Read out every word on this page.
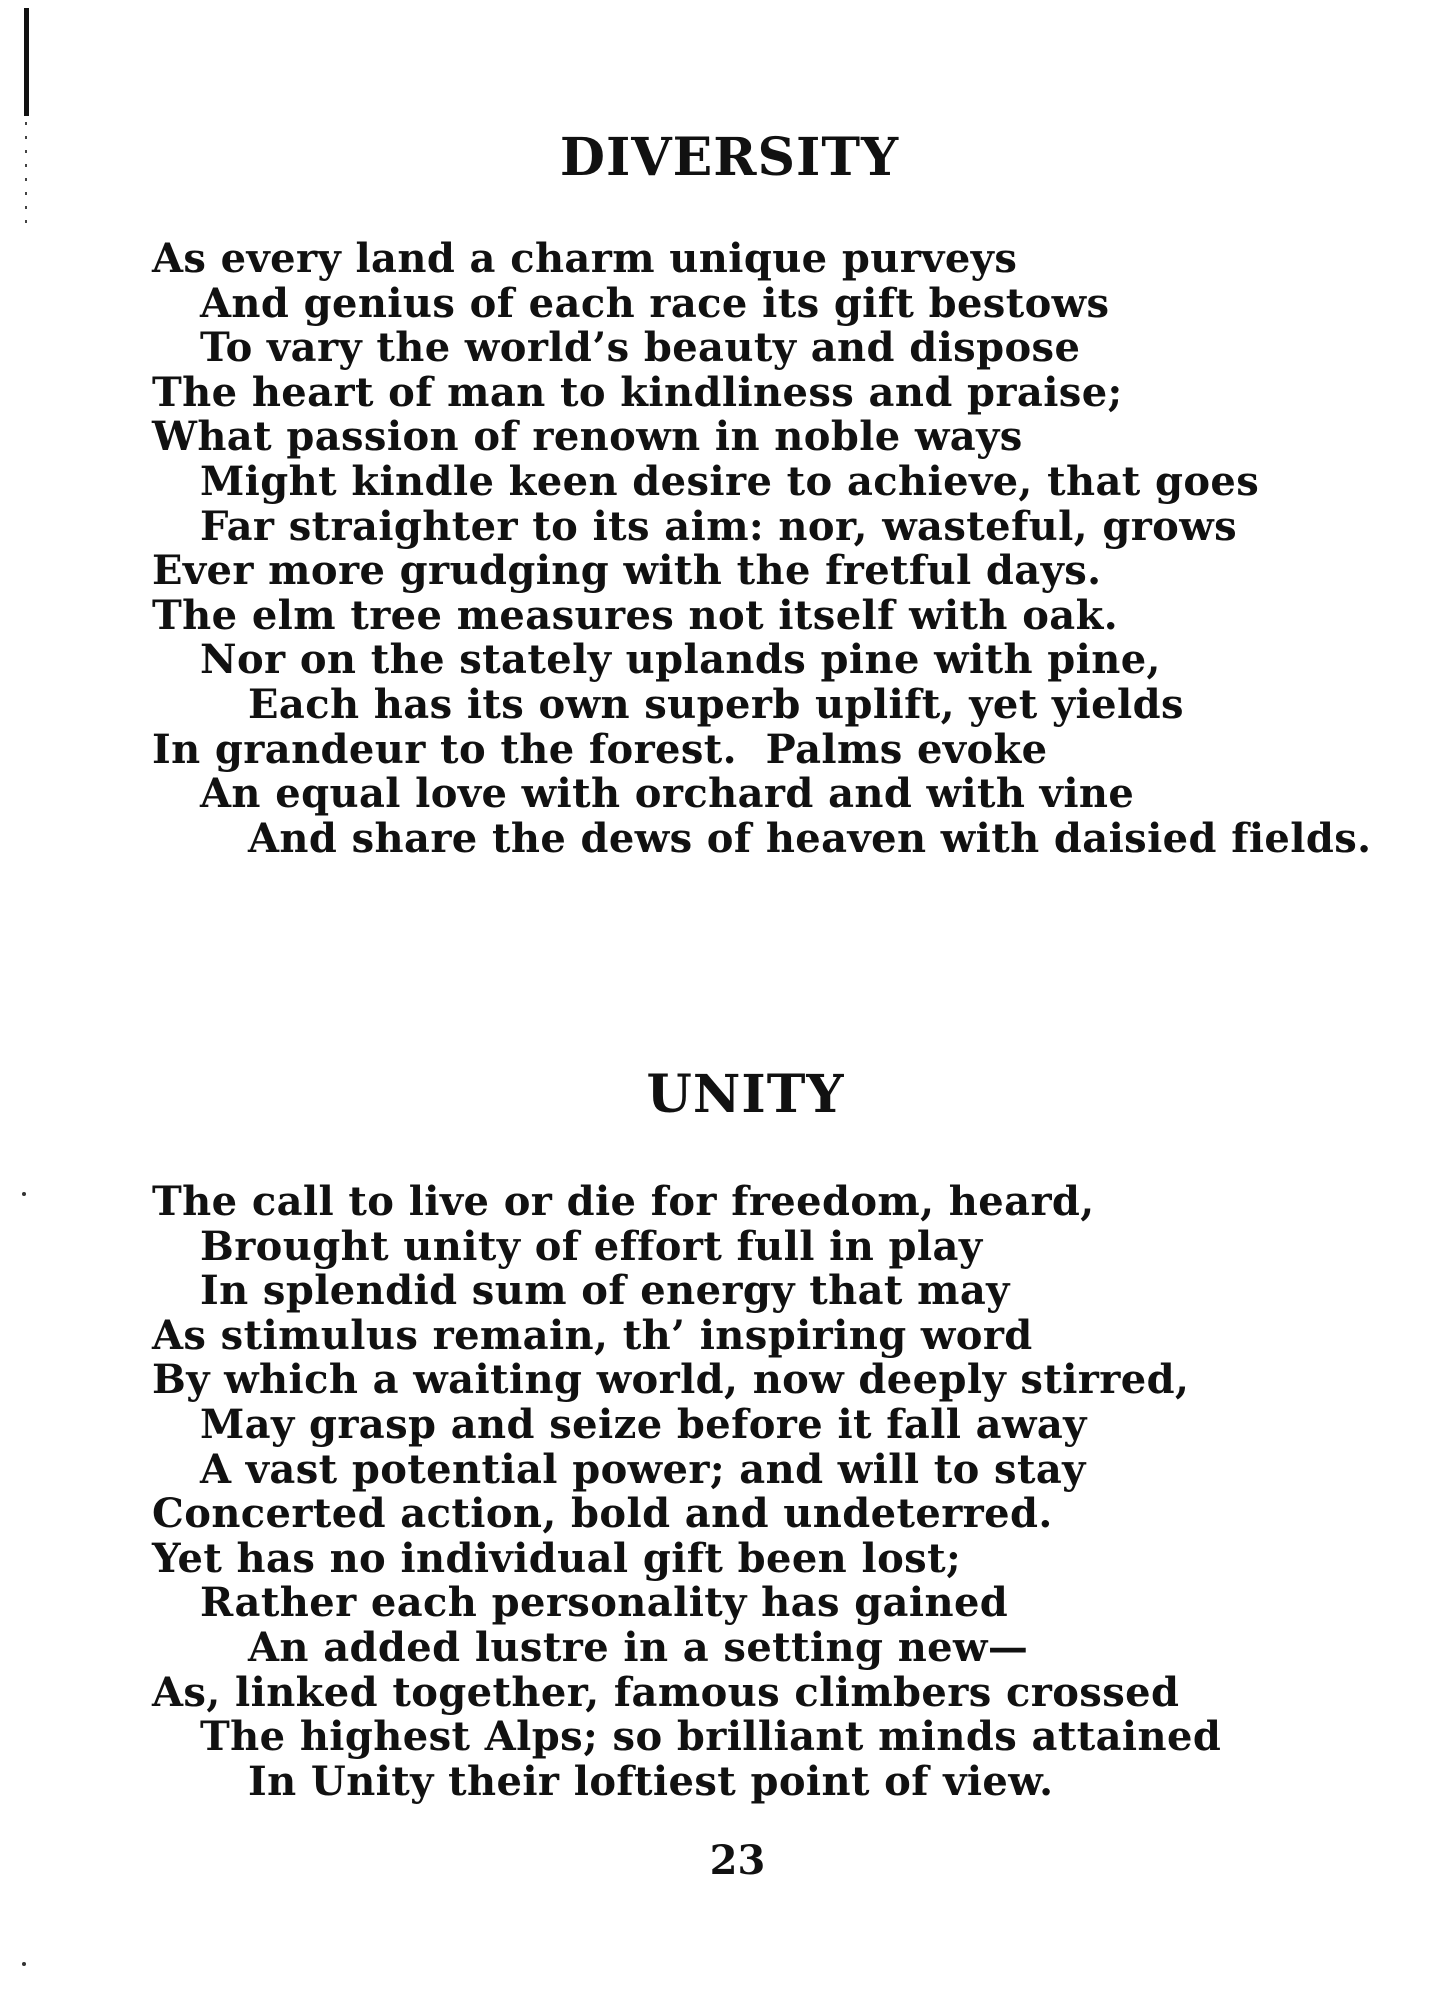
DIVERSITY
As every land a charm unique purveys
And genius of each race its gift bestows
To vary the world’s beauty and dispose
The heart of man to kindliness and praise;
What passion of renown in noble ways
Might kindle keen desire to achieve, that goes
Far straighter to its aim: nor, wasteful, grows
Ever more grudging with the fretful days.
The elm tree measures not itself with oak.
Nor on the stately uplands pine with pine,
Each has its own superb uplift, yet yields
In grandeur to the forest.  Palms evoke
An equal love with orchard and with vine
And share the dews of heaven with daisied fields.
UNITY
The call to live or die for freedom, heard,
Brought unity of effort full in play
In splendid sum of energy that may
As stimulus remain, th’ inspiring word
By which a waiting world, now deeply stirred,
May grasp and seize before it fall away
A vast potential power; and will to stay
Concerted action, bold and undeterred.
Yet has no individual gift been lost;
Rather each personality has gained
An added lustre in a setting new—
As, linked together, famous climbers crossed
The highest Alps; so brilliant minds attained
In Unity their loftiest point of view.

23
